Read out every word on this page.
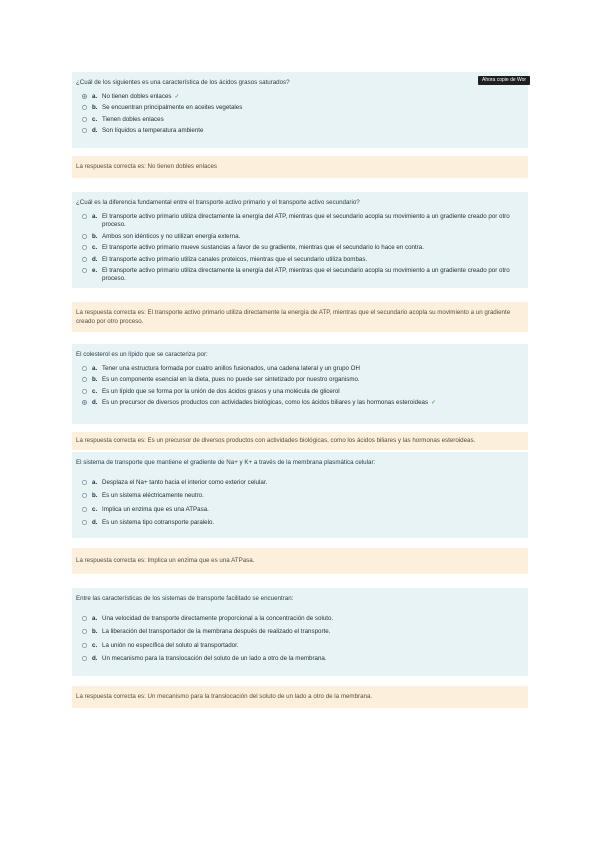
¿Cuál de los siguientes es una característica de los ácidos grasos saturados?
a. No tienen dobles enlaces ✓
b. Se encuentran principalmente en aceites vegetales
c. Tienen dobles enlaces
d. Son líquidos a temperatura ambiente
Ahora copie de Wor
La respuesta correcta es: No tienen dobles enlaces
¿Cuál es la diferencia fundamental entre el transporte activo primario y el transporte activo secundario?
a. El transporte activo primario utiliza directamente la energía del ATP, mientras que el secundario acopla su movimiento a un gradiente creado por otro proceso.
b. Ambos son idénticos y no utilizan energía externa.
c. El transporte activo primario mueve sustancias a favor de su gradiente, mientras que el secundario lo hace en contra.
d. El transporte activo primario utiliza canales proteicos, mientras que el secundario utiliza bombas.
e. El transporte activo primario utiliza directamente la energía del ATP, mientras que el secundario acopla su movimiento a un gradiente creado por otro proceso.
La respuesta correcta es: El transporte activo primario utiliza directamente la energía de ATP, mientras que el secundario acopla su movimiento a un gradiente creado por otro proceso.
El colesterol es un lípido que se caracteriza por:
a. Tener una estructura formada por cuatro anillos fusionados, una cadena lateral y un grupo OH
b. Es un componente esencial en la dieta, pues no puede ser sintetizado por nuestro organismo.
c. Es un lípido que se forma por la unión de dos ácidos grasos y una molécula de glicerol
d. Es un precursor de diversos productos con actividades biológicas, como los ácidos biliares y las hormonas esteroideas ✓
La respuesta correcta es: Es un precursor de diversos productos con actividades biológicas, como los ácidos biliares y las hormonas esteroideas.
El sistema de transporte que mantiene el gradiente de Na+ y K+ a través de la membrana plasmática celular:
a. Desplaza el Na+ tanto hacia el interior como exterior celular.
b. Es un sistema eléctricamente neutro.
c. Implica un enzima que es una ATPasa.
d. Es un sistema tipo cotransporte paralelo.
La respuesta correcta es: Implica un enzima que es una ATPasa.
Entre las características de los sistemas de transporte facilitado se encuentran:
a. Una velocidad de transporte directamente proporcional a la concentración de soluto.
b. La liberación del transportador de la membrana después de realizado el transporte.
c. La unión no específica del soluto al transportador.
d. Un mecanismo para la translocación del soluto de un lado a otro de la membrana.
La respuesta correcta es: Un mecanismo para la translocación del soluto de un lado a otro de la membrana.
